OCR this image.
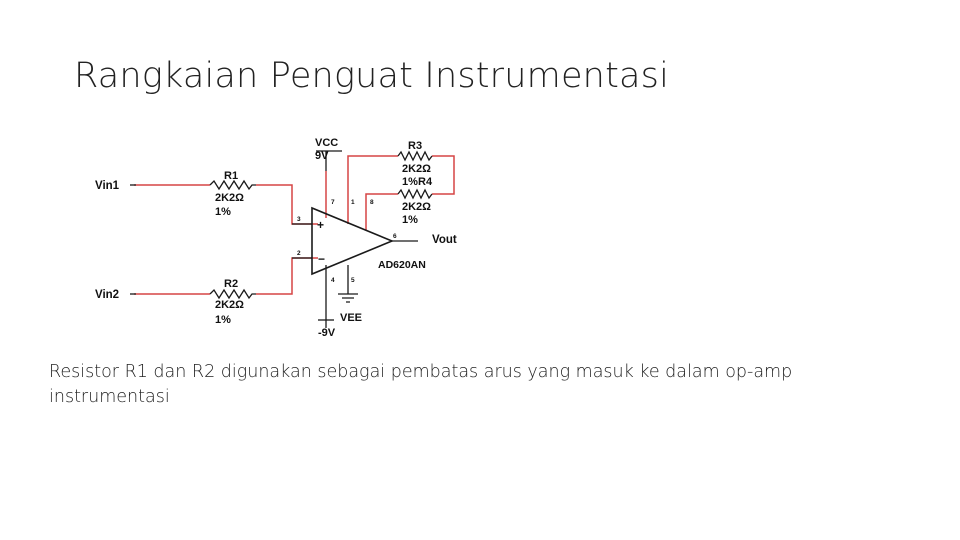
Rangkaian Penguat Instrumentasi
+
−
3
2
7	1 8
6
4	5
Vin1
Vin2
Vout
AD620AN
VCC
9V
VEE
-9V
R1
2K2Ω
1%
R2
2K2Ω
1%
R3
2K2Ω
1% R4
2K2Ω
1%

Resistor R1 dan R2 digunakan sebagai pembatas arus yang masuk ke dalam op-amp instrumentasi
